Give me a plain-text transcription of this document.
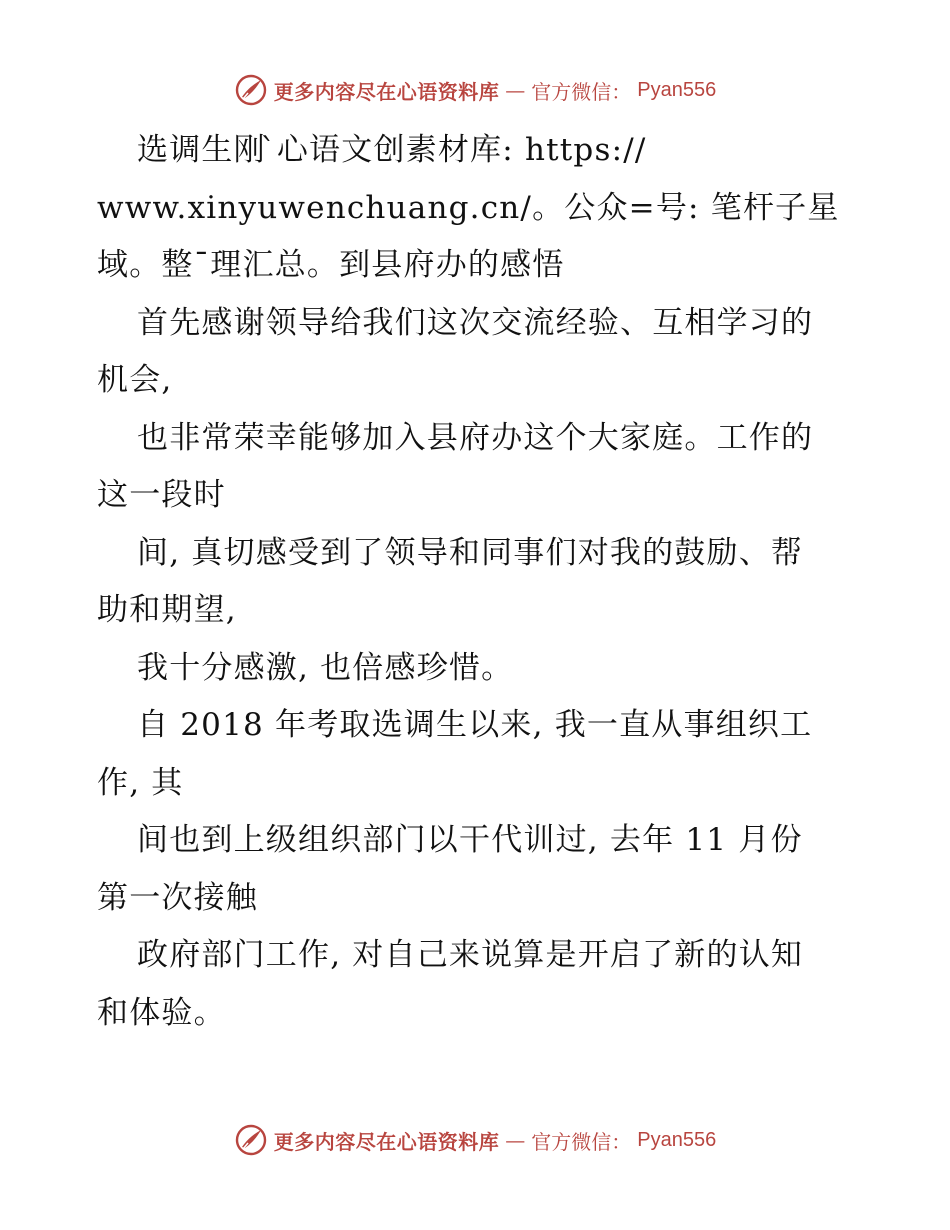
更多内容尽在心语资料库 — 官方微信： Pyan556
选调生刚 ̀心语文创素材库: https://
www.xinyuwenchuang.cn/。公众=号: 笔杆子星
域。整¯理汇总。到县府办的感悟
首先感谢领导给我们这次交流经验、互相学习的
机会,
也非常荣幸能够加入县府办这个大家庭。工作的
这一段时
间, 真切感受到了领导和同事们对我的鼓励、帮
助和期望,
我十分感激, 也倍感珍惜。
自 2018 年考取选调生以来, 我一直从事组织工
作, 其
间也到上级组织部门以干代训过, 去年 11 月份
第一次接触
政府部门工作, 对自己来说算是开启了新的认知
和体验。
更多内容尽在心语资料库 — 官方微信： Pyan556
